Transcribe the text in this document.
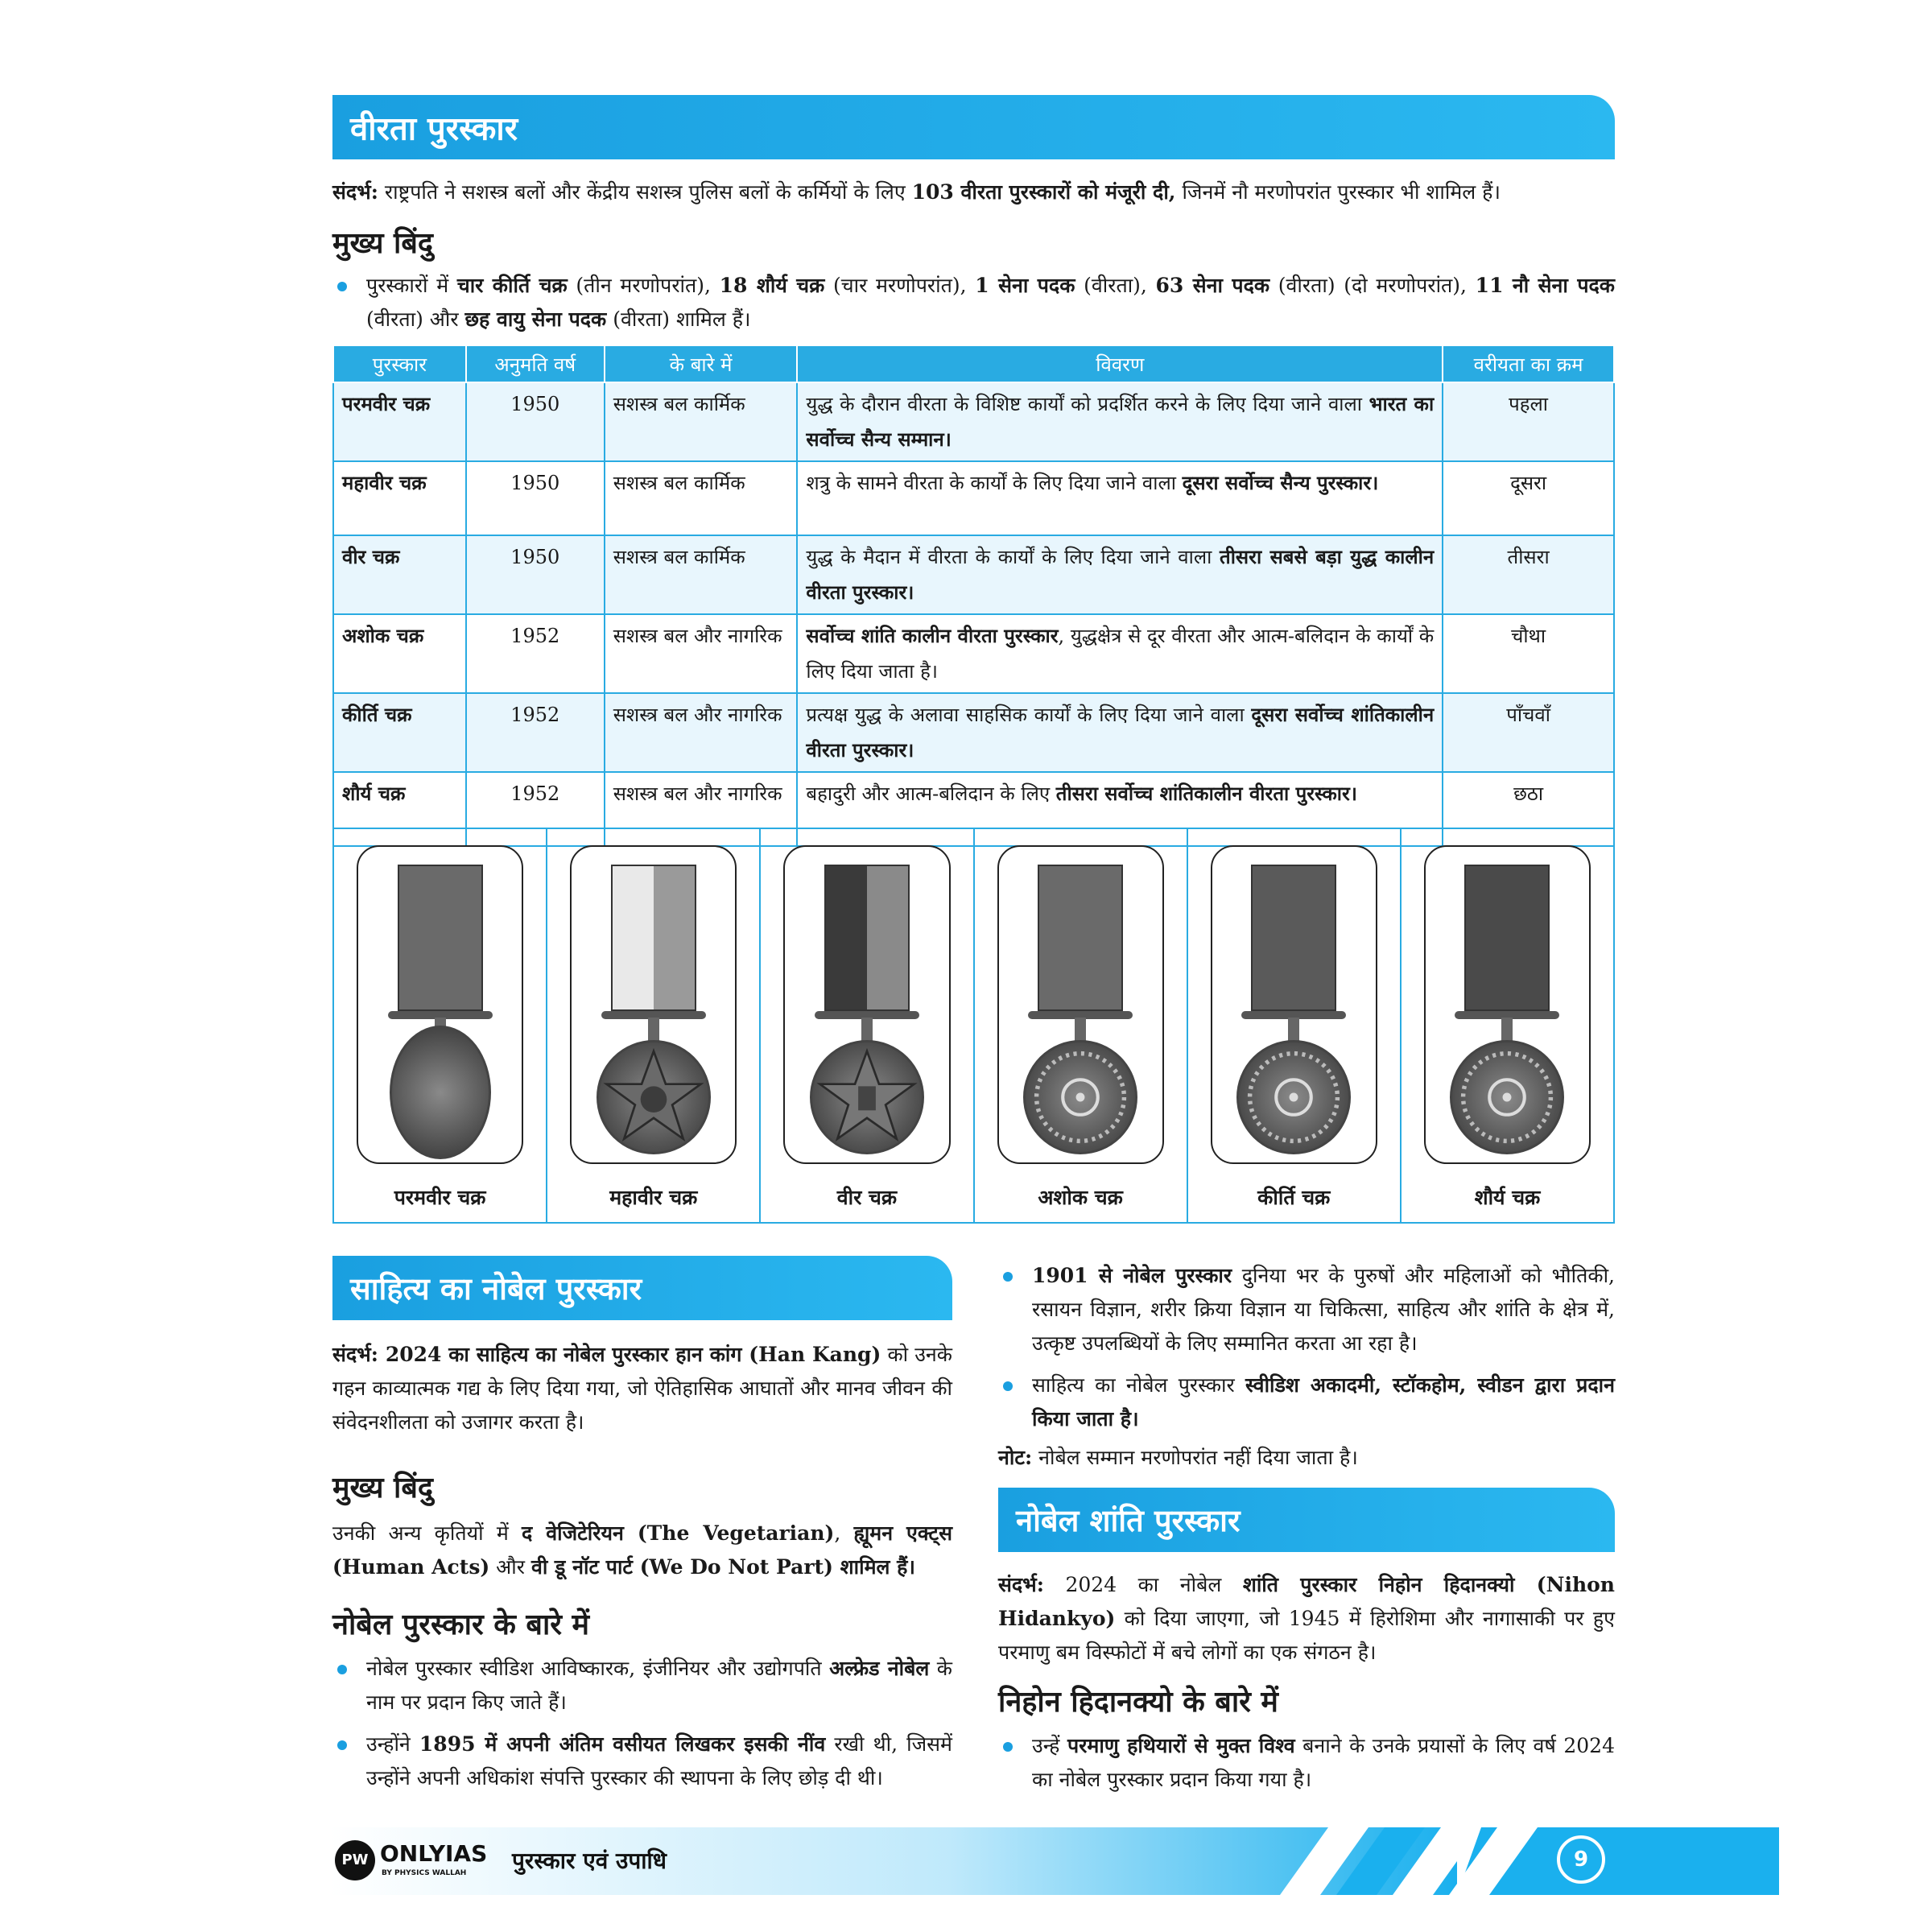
वीरता पुरस्कार

संदर्भ: राष्ट्रपति ने सशस्त्र बलों और केंद्रीय सशस्त्र पुलिस बलों के कर्मियों के लिए 103 वीरता पुरस्कारों को मंजूरी दी, जिनमें नौ मरणोपरांत पुरस्कार भी शामिल हैं।

मुख्य बिंदु

पुरस्कारों में चार कीर्ति चक्र (तीन मरणोपरांत), 18 शौर्य चक्र (चार मरणोपरांत), 1 सेना पदक (वीरता), 63 सेना पदक (वीरता) (दो मरणोपरांत), 11 नौ सेना पदक (वीरता) और छह वायु सेना पदक (वीरता) शामिल हैं।

पुरस्कार	अनुमति वर्ष	के बारे में	विवरण	वरीयता का क्रम
परमवीर चक्र	1950	सशस्त्र बल कार्मिक	युद्ध के दौरान वीरता के विशिष्ट कार्यों को प्रदर्शित करने के लिए दिया जाने वाला भारत का सर्वोच्च सैन्य सम्मान।	पहला
महावीर चक्र	1950	सशस्त्र बल कार्मिक	शत्रु के सामने वीरता के कार्यों के लिए दिया जाने वाला दूसरा सर्वोच्च सैन्य पुरस्कार।	दूसरा
वीर चक्र	1950	सशस्त्र बल कार्मिक	युद्ध के मैदान में वीरता के कार्यों के लिए दिया जाने वाला तीसरा सबसे बड़ा युद्ध कालीन वीरता पुरस्कार।	तीसरा
अशोक चक्र	1952	सशस्त्र बल और नागरिक	सर्वोच्च शांति कालीन वीरता पुरस्कार, युद्धक्षेत्र से दूर वीरता और आत्म-बलिदान के कार्यों के लिए दिया जाता है।	चौथा
कीर्ति चक्र	1952	सशस्त्र बल और नागरिक	प्रत्यक्ष युद्ध के अलावा साहसिक कार्यों के लिए दिया जाने वाला दूसरा सर्वोच्च शांतिकालीन वीरता पुरस्कार।	पाँचवाँ
शौर्य चक्र	1952	सशस्त्र बल और नागरिक	बहादुरी और आत्म-बलिदान के लिए तीसरा सर्वोच्च शांतिकालीन वीरता पुरस्कार।	छठा
परमवीर चक्र	महावीर चक्र	वीर चक्र	अशोक चक्र	कीर्ति चक्र	शौर्य चक्र
साहित्य का नोबेल पुरस्कार

संदर्भ: 2024 का साहित्य का नोबेल पुरस्कार हान कांग (Han Kang) को उनके गहन काव्यात्मक गद्य के लिए दिया गया, जो ऐतिहासिक आघातों और मानव जीवन की संवेदनशीलता को उजागर करता है।

मुख्य बिंदु

उनकी अन्य कृतियों में द वेजिटेरियन (The Vegetarian), ह्यूमन एक्ट्स (Human Acts) और वी डू नॉट पार्ट (We Do Not Part) शामिल हैं।

नोबेल पुरस्कार के बारे में

नोबेल पुरस्कार स्वीडिश आविष्कारक, इंजीनियर और उद्योगपति अल्फ्रेड नोबेल के नाम पर प्रदान किए जाते हैं।

उन्होंने 1895 में अपनी अंतिम वसीयत लिखकर इसकी नींव रखी थी, जिसमें उन्होंने अपनी अधिकांश संपत्ति पुरस्कार की स्थापना के लिए छोड़ दी थी।

1901 से नोबेल पुरस्कार दुनिया भर के पुरुषों और महिलाओं को भौतिकी, रसायन विज्ञान, शरीर क्रिया विज्ञान या चिकित्सा, साहित्य और शांति के क्षेत्र में, उत्कृष्ट उपलब्धियों के लिए सम्मानित करता आ रहा है।

साहित्य का नोबेल पुरस्कार स्वीडिश अकादमी, स्टॉकहोम, स्वीडन द्वारा प्रदान किया जाता है।

नोट: नोबेल सम्मान मरणोपरांत नहीं दिया जाता है।

नोबेल शांति पुरस्कार

संदर्भ: 2024 का नोबेल शांति पुरस्कार निहोन हिदानक्यो (Nihon Hidankyo) को दिया जाएगा, जो 1945 में हिरोशिमा और नागासाकी पर हुए परमाणु बम विस्फोटों में बचे लोगों का एक संगठन है।

निहोन हिदानक्यो के बारे में

उन्हें परमाणु हथियारों से मुक्त विश्व बनाने के उनके प्रयासों के लिए वर्ष 2024 का नोबेल पुरस्कार प्रदान किया गया है।

PW ONLYIAS
BY PHYSICS WALLAH पुरस्कार एवं उपाधि	9
